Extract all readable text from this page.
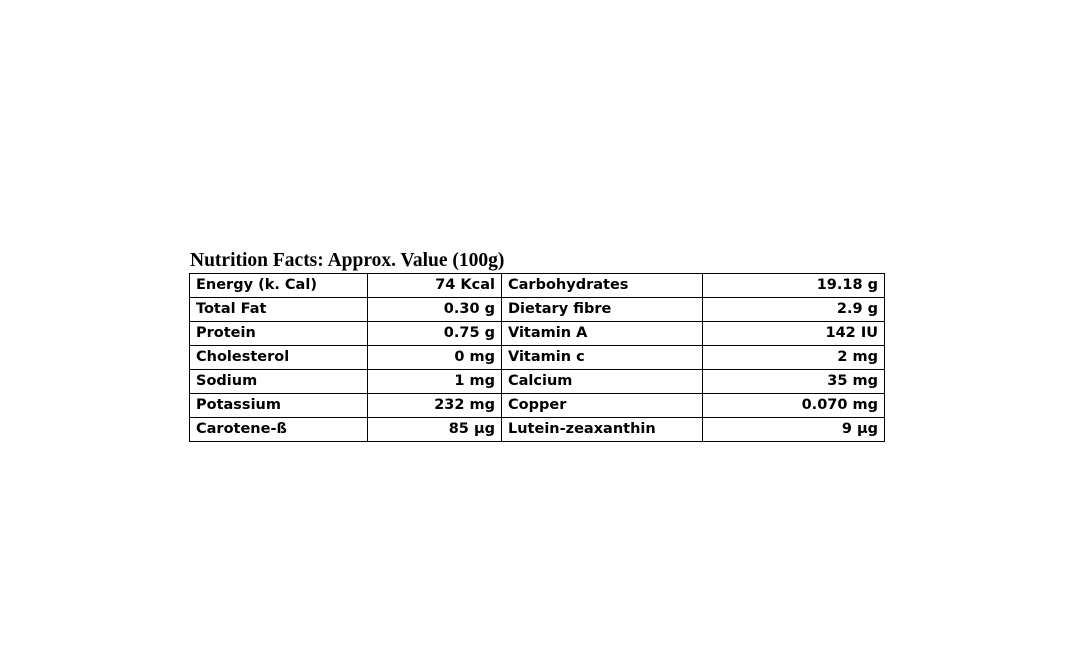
Nutrition Facts: Approx. Value (100g)
Energy (k. Cal)	74 Kcal	Carbohydrates	19.18 g
Total Fat	0.30 g	Dietary fibre	2.9 g
Protein	0.75 g	Vitamin A	142 IU
Cholesterol	0 mg	Vitamin c	2 mg
Sodium	1 mg	Calcium	35 mg
Potassium	232 mg	Copper	0.070 mg
Carotene-ß	85 µg	Lutein-zeaxanthin	9 µg
